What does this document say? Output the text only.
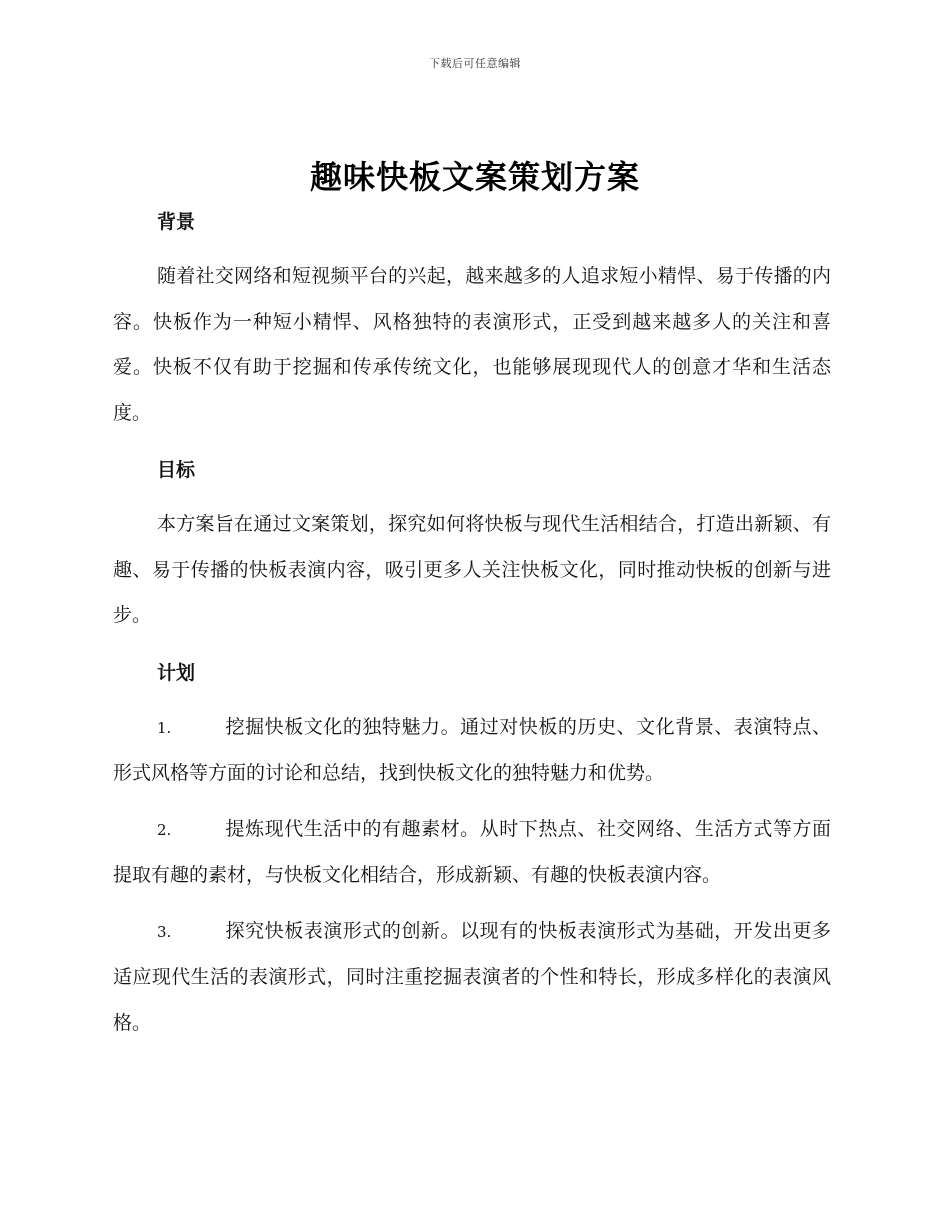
下载后可任意编辑
趣味快板文案策划方案
背景

随着社交网络和短视频平台的兴起，越来越多的人追求短小精悍、易于传播的内容。快板作为一种短小精悍、风格独特的表演形式，正受到越来越多人的关注和喜爱。快板不仅有助于挖掘和传承传统文化，也能够展现现代人的创意才华和生活态度。

目标

本方案旨在通过文案策划，探究如何将快板与现代生活相结合，打造出新颖、有趣、易于传播的快板表演内容，吸引更多人关注快板文化，同时推动快板的创新与进步。

计划

1.	挖掘快板文化的独特魅力。通过对快板的历史、文化背景、表演特点、形式风格等方面的讨论和总结，找到快板文化的独特魅力和优势。

2.	提炼现代生活中的有趣素材。从时下热点、社交网络、生活方式等方面提取有趣的素材，与快板文化相结合，形成新颖、有趣的快板表演内容。

3.	探究快板表演形式的创新。以现有的快板表演形式为基础，开发出更多适应现代生活的表演形式，同时注重挖掘表演者的个性和特长，形成多样化的表演风格。
